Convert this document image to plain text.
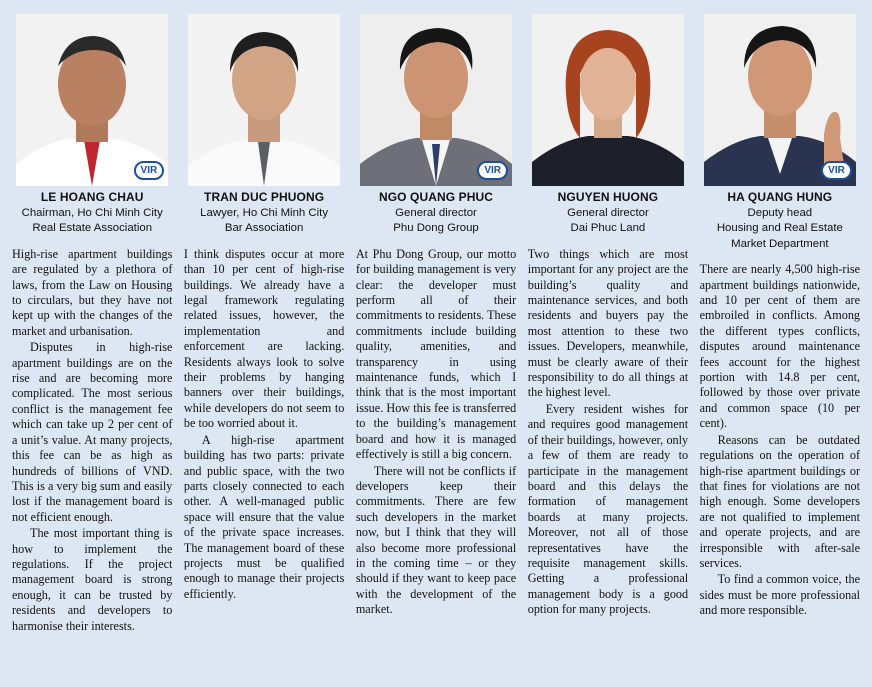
VIR
LE HOANG CHAU
Chairman, Ho Chi Minh City
Real Estate Association

High-rise apartment buildings are regulated by a plethora of laws, from the Law on Housing to circulars, but they have not kept up with the changes of the market and urbanisation.

Disputes in high-rise apartment buildings are on the rise and are becoming more complicated. The most serious conflict is the management fee which can take up 2 per cent of a unit’s value. At many projects, this fee can be as high as hundreds of billions of VND. This is a very big sum and easily lost if the management board is not efficient enough.

The most important thing is how to implement the regulations. If the project management board is strong enough, it can be trusted by residents and developers to harmonise their interests.

TRAN DUC PHUONG
Lawyer, Ho Chi Minh City
Bar Association

I think disputes occur at more than 10 per cent of high-rise buildings. We already have a legal framework regulating related issues, however, the implementation and enforcement are lacking. Residents always look to solve their problems by hanging banners over their buildings, while developers do not seem to be too worried about it.

A high-rise apartment building has two parts: private and public space, with the two parts closely connected to each other. A well-managed public space will ensure that the value of the private space increases. The management board of these projects must be qualified enough to manage their projects efficiently.

VIR
NGO QUANG PHUC
General director
Phu Dong Group

At Phu Dong Group, our motto for building management is very clear: the developer must perform all of their commitments to residents. These commitments include building quality, amenities, and transparency in using maintenance funds, which I think that is the most important issue. How this fee is transferred to the building’s management board and how it is managed effectively is still a big concern.

There will not be conflicts if developers keep their commitments. There are few such developers in the market now, but I think that they will also become more professional in the coming time – or they should if they want to keep pace with the development of the market.

NGUYEN HUONG
General director
Dai Phuc Land

Two things which are most important for any project are the building’s quality and maintenance services, and both residents and buyers pay the most attention to these two issues. Developers, meanwhile, must be clearly aware of their responsibility to do all things at the highest level.

Every resident wishes for and requires good management of their buildings, however, only a few of them are ready to participate in the management board and this delays the formation of management boards at many projects. Moreover, not all of those representatives have the requisite management skills. Getting a professional management body is a good option for many projects.

VIR
HA QUANG HUNG
Deputy head
Housing and Real Estate
Market Department

There are nearly 4,500 high-rise apartment buildings nationwide, and 10 per cent of them are embroiled in conflicts. Among the different types conflicts, disputes around maintenance fees account for the highest portion with 14.8 per cent, followed by those over private and common space (10 per cent).

Reasons can be outdated regulations on the operation of high-rise apartment buildings or that fines for violations are not high enough. Some developers are not qualified to implement and operate projects, and are irresponsible with after-sale services.

To find a common voice, the sides must be more professional and more responsible.
